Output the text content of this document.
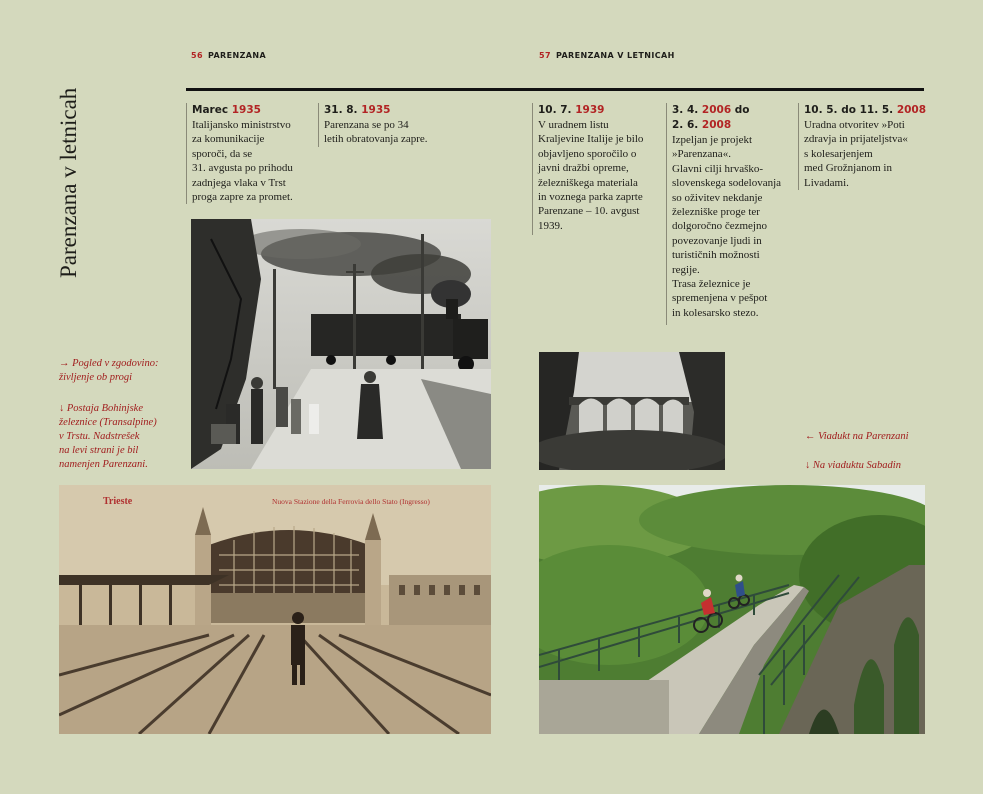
56 PARENZANA	57 PARENZANA V LETNICAH
Parenzana v letnicah	Marec 1935

Italijansko ministrstvo
za komunikacije
sporoči, da se
31. avgusta po prihodu
zadnjega vlaka v Trst
proga zapre za promet.

31. 8. 1935

Parenzana se po 34
letih obratovanja zapre.

10. 7. 1939

V uradnem listu
Kraljevine Italije je bilo
objavljeno sporočilo o
javni dražbi opreme,
železniškega materiala
in voznega parka zaprte
Parenzane – 10. avgust
1939.

3. 4. 2006 do
2. 6. 2008

Izpeljan je projekt
»Parenzana«.
Glavni cilji hrvaško-
slovenskega sodelovanja
so oživitev nekdanje
železniške proge ter
dolgoročno čezmejno
povezovanje ljudi in
turističnih možnosti
regije.
Trasa železnice je
spremenjena v pešpot
in kolesarsko stezo.

10. 5. do 11. 5. 2008

Uradna otvoritev »Poti
zdravja in prijateljstva«
s kolesarjenjem
med Grožnjanom in
Livadami.

→ Pogled v zgodovino:
življenje ob progi
↓ Postaja Bohinjske
železnice (Transalpine)
v Trstu. Nadstrešek
na levi strani je bil
namenjen Parenzani.
← Viadukt na Parenzani
↓ Na viaduktu Sabadin
Trieste	Nuova Stazione della Ferrovia dello Stato (Ingresso)
